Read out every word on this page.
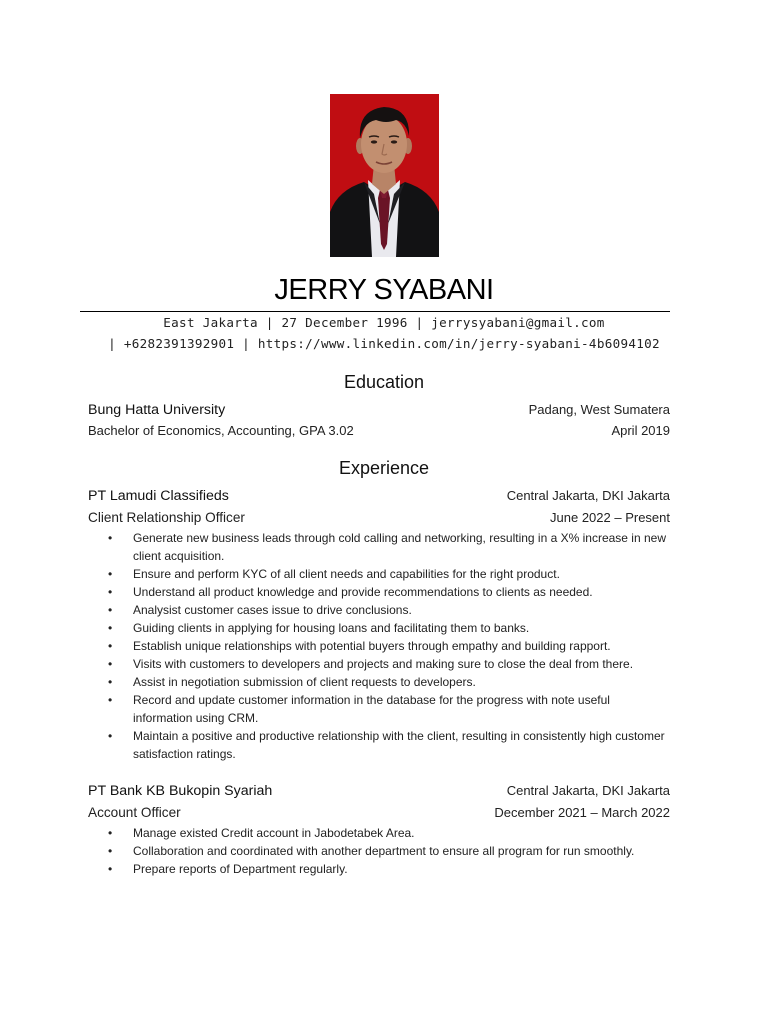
JERRY SYABANI
East Jakarta | 27 December 1996 | jerrysyabani@gmail.com
| +6282391392901 | https://www.linkedin.com/in/jerry-syabani-4b6094102
Education
Bung Hatta University	Padang, West Sumatera
Bachelor of Economics, Accounting, GPA 3.02	April 2019
Experience
PT Lamudi Classifieds	Central Jakarta, DKI Jakarta
Client Relationship Officer	June 2022 – Present
• Generate new business leads through cold calling and networking, resulting in a X% increase in new client acquisition.
• Ensure and perform KYC of all client needs and capabilities for the right product.
• Understand all product knowledge and provide recommendations to clients as needed.
• Analysist customer cases issue to drive conclusions.
• Guiding clients in applying for housing loans and facilitating them to banks.
• Establish unique relationships with potential buyers through empathy and building rapport.
• Visits with customers to developers and projects and making sure to close the deal from there.
• Assist in negotiation submission of client requests to developers.
• Record and update customer information in the database for the progress with note useful information using CRM.
• Maintain a positive and productive relationship with the client, resulting in consistently high customer satisfaction ratings.
PT Bank KB Bukopin Syariah	Central Jakarta, DKI Jakarta
Account Officer	December 2021 – March 2022
• Manage existed Credit account in Jabodetabek Area.
• Collaboration and coordinated with another department to ensure all program for run smoothly.
• Prepare reports of Department regularly.
